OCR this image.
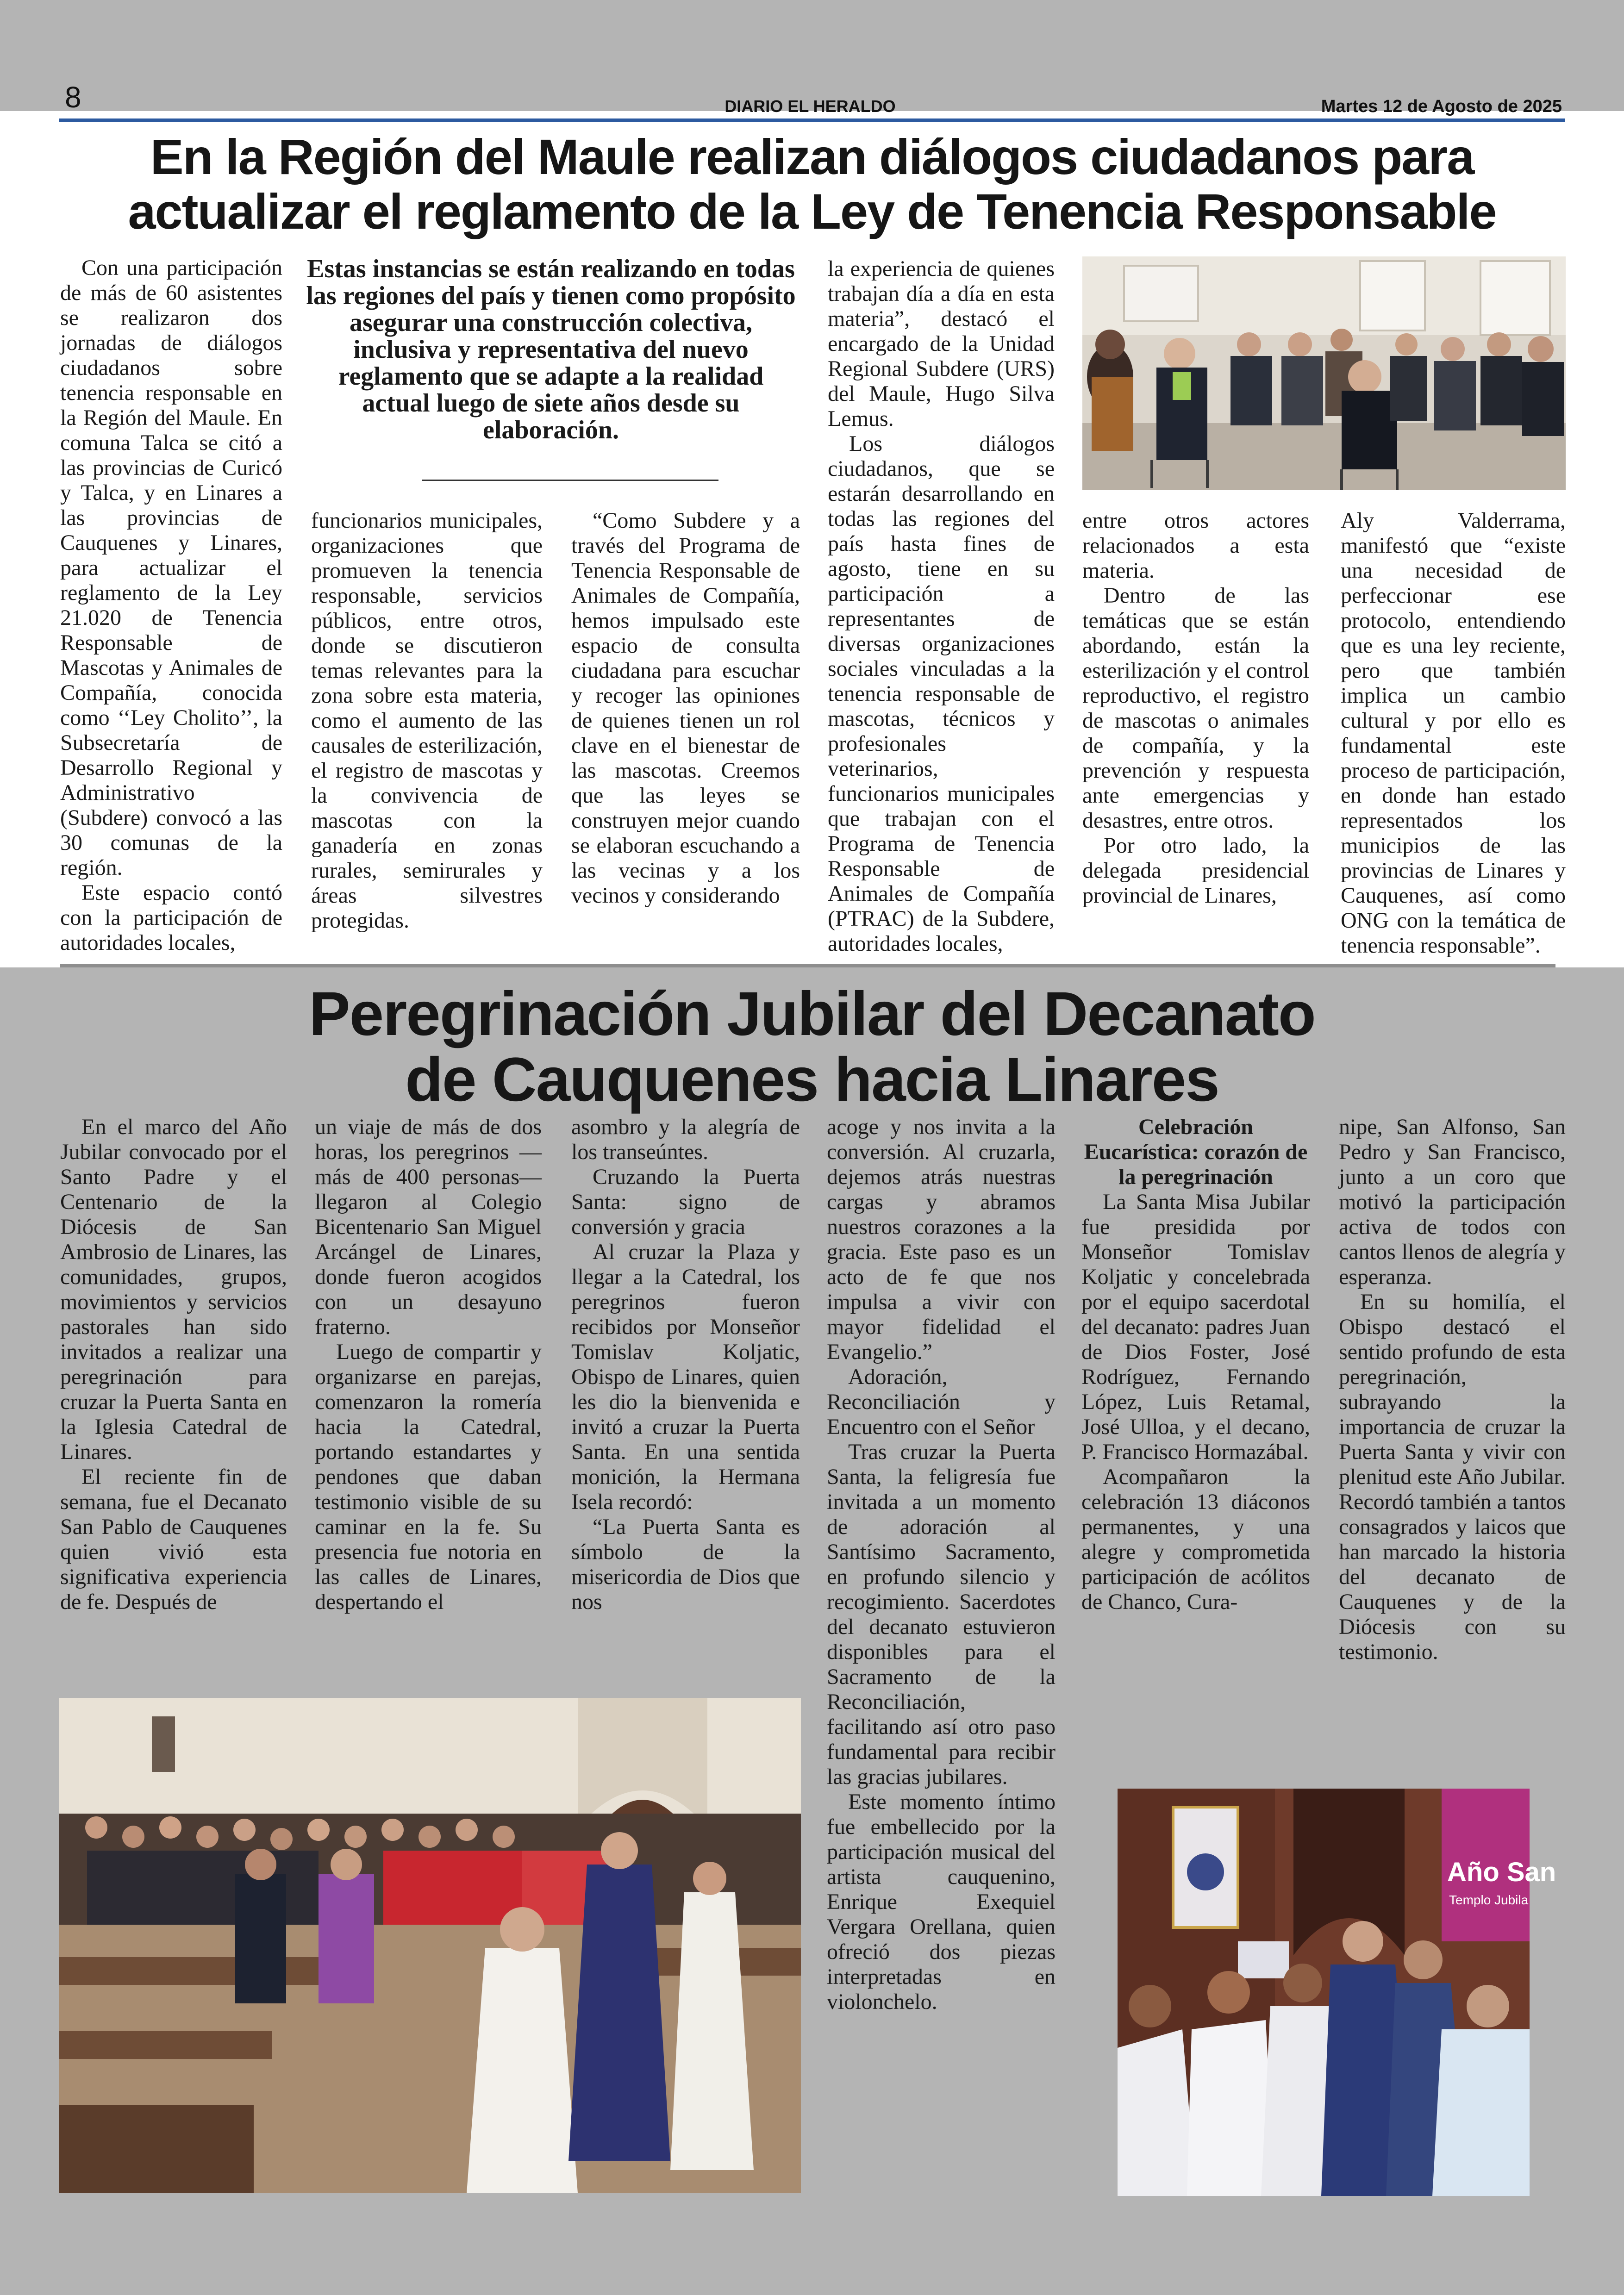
8	DIARIO EL HERALDO	Martes 12 de Agosto de 2025
En la Región del Maule realizan diálogos ciudadanos para
actualizar el reglamento de la Ley de Tenencia Responsable

Con una participación de más de 60 asistentes se realizaron dos jornadas de diálogos ciudadanos sobre tenencia responsable en la Región del Maule. En comuna Talca se citó a las provincias de Curicó y Talca, y en Linares a las provincias de Cauquenes y Linares, para actualizar el reglamento de la Ley 21.020 de Tenencia Responsable de Mascotas y Animales de Compañía, conocida como ‘‘Ley Cholito’’, la Subsecretaría de Desarrollo Regional y Administrativo (Subdere) convocó a las 30 comunas de la región.

Este espacio contó con la participación de autoridades locales,

Estas instancias se están realizando en todas las regiones del país y tienen como propósito asegurar una construcción colectiva, inclusiva y representativa del nuevo reglamento que se adapte a la realidad actual luego de siete años desde su elaboración.

funcionarios municipales, organizaciones que promueven la tenencia responsable, servicios públicos, entre otros, donde se discutieron temas relevantes para la zona sobre esta materia, como el aumento de las causales de esterilización, el registro de mascotas y la convivencia de mascotas con la ganadería en zonas rurales, semirurales y áreas silvestres protegidas.

“Como Subdere y a través del Programa de Tenencia Responsable de Animales de Compañía, hemos impulsado este espacio de consulta ciudadana para escuchar y recoger las opiniones de quienes tienen un rol clave en el bienestar de las mascotas. Creemos que las leyes se construyen mejor cuando se elaboran escuchando a las vecinas y a los vecinos y considerando

la experiencia de quienes trabajan día a día en esta materia”, destacó el encargado de la Unidad Regional Subdere (URS) del Maule, Hugo Silva Lemus.

Los diálogos ciudadanos, que se estarán desarrollando en todas las regiones del país hasta fines de agosto, tiene en su participación a representantes de diversas organizaciones sociales vinculadas a la tenencia responsable de mascotas, técnicos y profesionales veterinarios, funcionarios municipales que trabajan con el Programa de Tenencia Responsable de Animales de Compañía (PTRAC) de la Subdere, autoridades locales,

entre otros actores relacionados a esta materia.

Dentro de las temáticas que se están abordando, están la esterilización y el control reproductivo, el registro de mascotas o animales de compañía, y la prevención y respuesta ante emergencias y desastres, entre otros.

Por otro lado, la delegada presidencial provincial de Linares,

Aly Valderrama, manifestó que “existe una necesidad de perfeccionar ese protocolo, entendiendo que es una ley reciente, pero que también implica un cambio cultural y por ello es fundamental este proceso de participación, en donde han estado representados los municipios de las provincias de Linares y Cauquenes, así como ONG con la temática de tenencia responsable”.

Peregrinación Jubilar del Decanato
de Cauquenes hacia Linares

En el marco del Año Jubilar convocado por el Santo Padre y el Centenario de la Diócesis de San Ambrosio de Linares, las comunidades, grupos, movimientos y servicios pastorales han sido invitados a realizar una peregrinación para cruzar la Puerta Santa en la Iglesia Catedral de Linares.

El reciente fin de semana, fue el Decanato San Pablo de Cauquenes quien vivió esta significativa experiencia de fe. Después de

un viaje de más de dos horas, los peregrinos —más de 400 personas— llegaron al Colegio Bicentenario San Miguel Arcángel de Linares, donde fueron acogidos con un desayuno fraterno.

Luego de compartir y organizarse en parejas, comenzaron la romería hacia la Catedral, portando estandartes y pendones que daban testimonio visible de su caminar en la fe. Su presencia fue notoria en las calles de Linares, despertando el

asombro y la alegría de los transeúntes.

Cruzando la Puerta Santa: signo de conversión y gracia

Al cruzar la Plaza y llegar a la Catedral, los peregrinos fueron recibidos por Monseñor Tomislav Koljatic, Obispo de Linares, quien les dio la bienvenida e invitó a cruzar la Puerta Santa. En una sentida monición, la Hermana Isela recordó:

“La Puerta Santa es símbolo de la misericordia de Dios que nos

acoge y nos invita a la conversión. Al cruzarla, dejemos atrás nuestras cargas y abramos nuestros corazones a la gracia. Este paso es un acto de fe que nos impulsa a vivir con mayor fidelidad el Evangelio.”

Adoración, Reconciliación y Encuentro con el Señor

Tras cruzar la Puerta Santa, la feligresía fue invitada a un momento de adoración al Santísimo Sacramento, en profundo silencio y recogimiento. Sacerdotes del decanato estuvieron disponibles para el Sacramento de la Reconciliación, facilitando así otro paso fundamental para recibir las gracias jubilares.

Este momento íntimo fue embellecido por la participación musical del artista cauquenino, Enrique Exequiel Vergara Orellana, quien ofreció dos piezas interpretadas en violonchelo.

Celebración Eucarística: corazón de la peregrinación

La Santa Misa Jubilar fue presidida por Monseñor Tomislav Koljatic y concelebrada por el equipo sacerdotal del decanato: padres Juan de Dios Foster, José Rodríguez, Fernando López, Luis Retamal, José Ulloa, y el decano, P. Francisco Hormazábal.

Acompañaron la celebración 13 diáconos permanentes, y una alegre y comprometida participación de acólitos de Chanco, Cura-

nipe, San Alfonso, San Pedro y San Francisco, junto a un coro que motivó la participación activa de todos con cantos llenos de alegría y esperanza.

En su homilía, el Obispo destacó el sentido profundo de esta peregrinación, subrayando la importancia de cruzar la Puerta Santa y vivir con plenitud este Año Jubilar. Recordó también a tantos consagrados y laicos que han marcado la historia del decanato de Cauquenes y de la Diócesis con su testimonio.

Año San
Templo Jubila
